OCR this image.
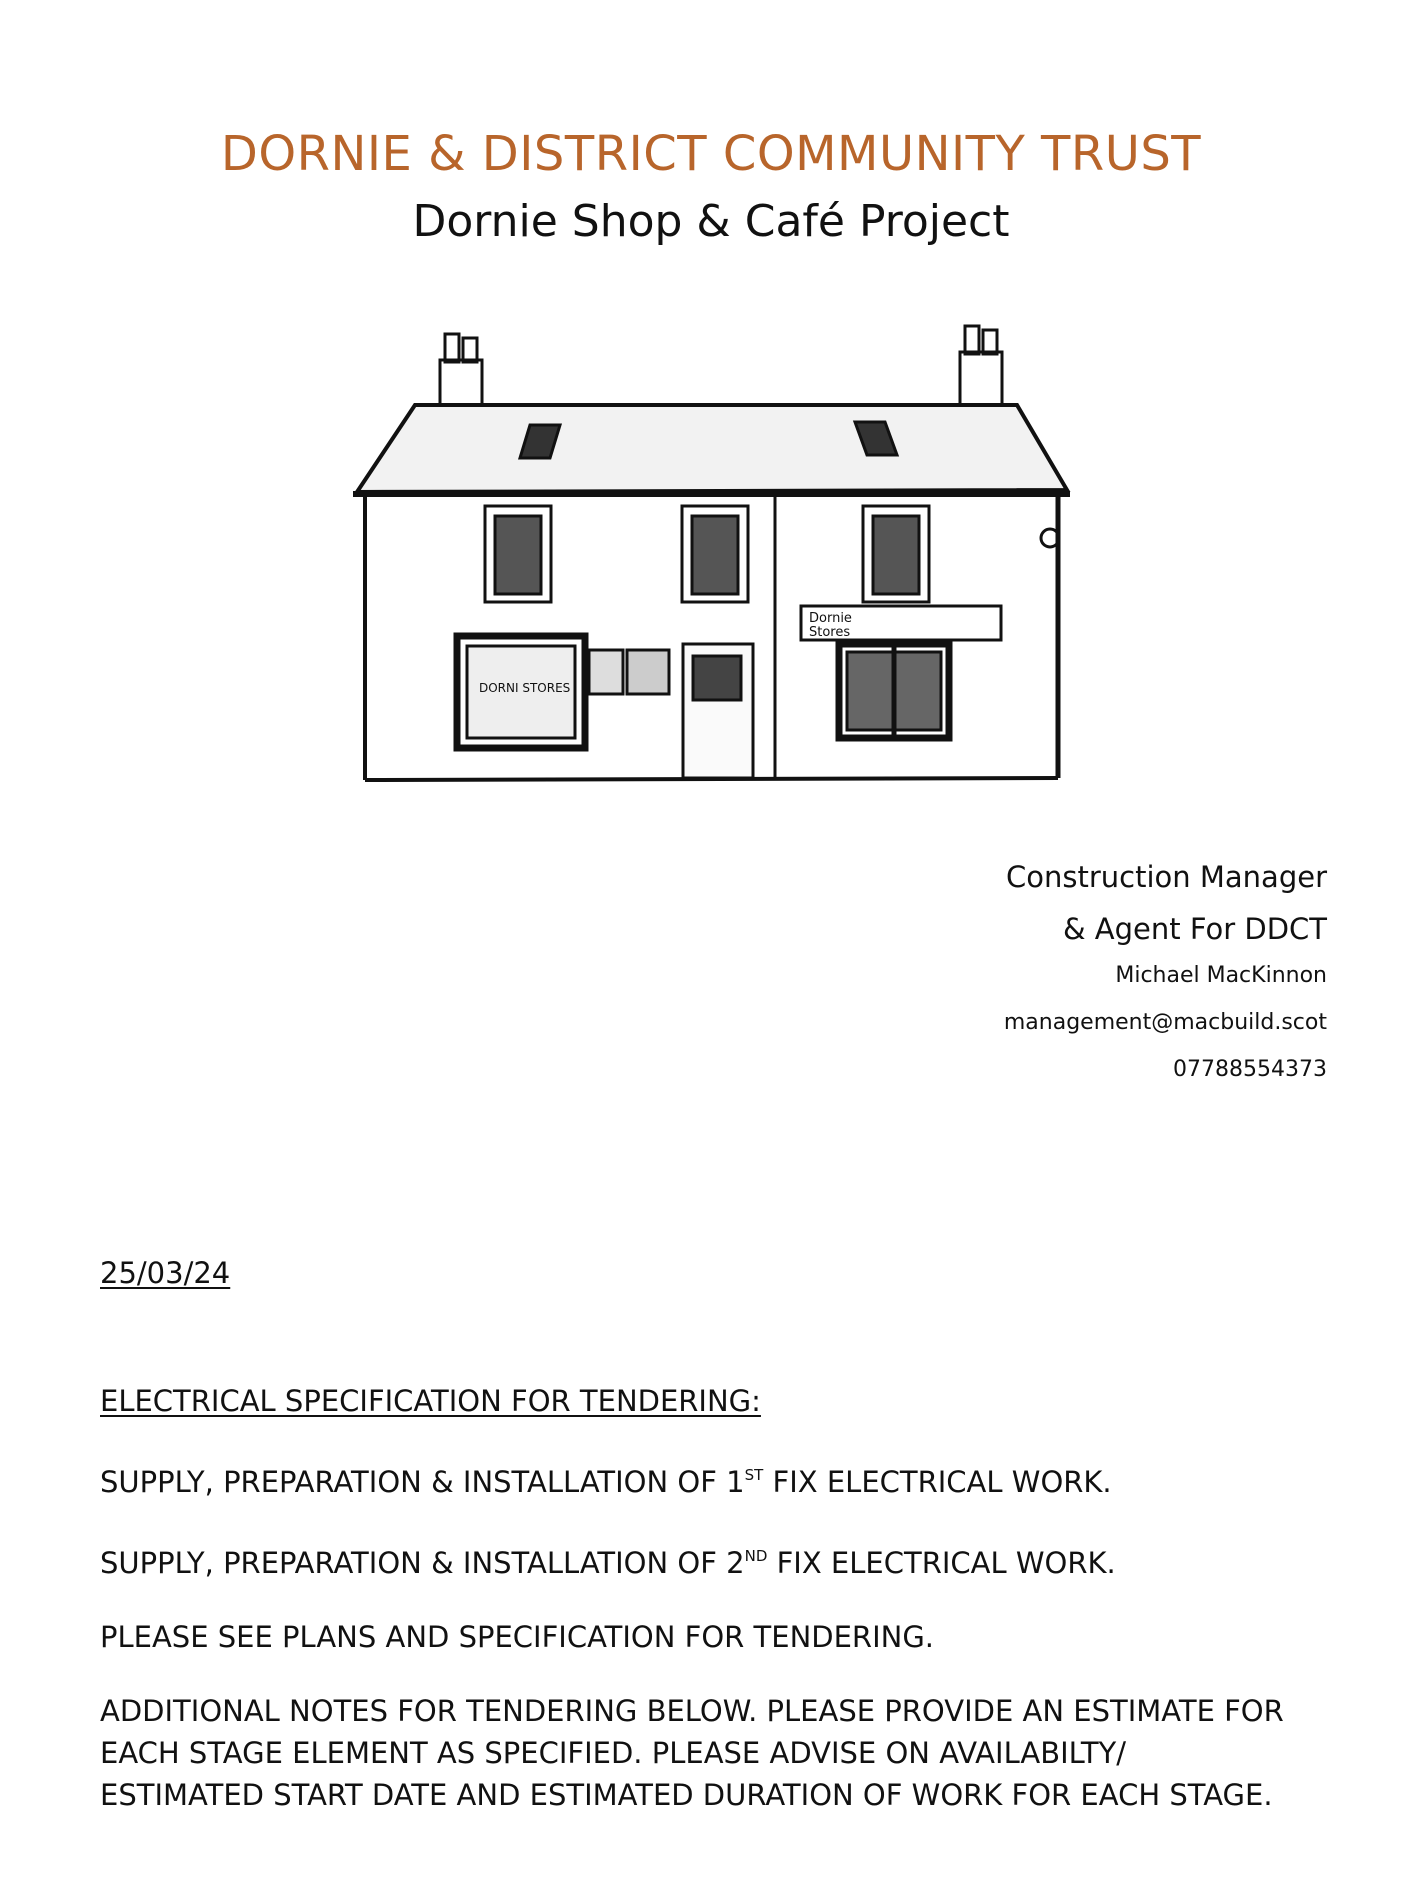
DORNIE & DISTRICT COMMUNITY TRUST
Dornie Shop & Café Project
DORNI STORES
Dornie
Stores
Construction Manager
& Agent For DDCT
Michael MacKinnon
management@macbuild.scot
07788554373
25/03/24
ELECTRICAL SPECIFICATION FOR TENDERING:
SUPPLY, PREPARATION & INSTALLATION OF 1ST FIX ELECTRICAL WORK.
SUPPLY, PREPARATION & INSTALLATION OF 2ND FIX ELECTRICAL WORK.
PLEASE SEE PLANS AND SPECIFICATION FOR TENDERING.
ADDITIONAL NOTES FOR TENDERING BELOW. PLEASE PROVIDE AN ESTIMATE FOR
EACH STAGE ELEMENT AS SPECIFIED. PLEASE ADVISE ON AVAILABILTY/
ESTIMATED START DATE AND ESTIMATED DURATION OF WORK FOR EACH STAGE.
